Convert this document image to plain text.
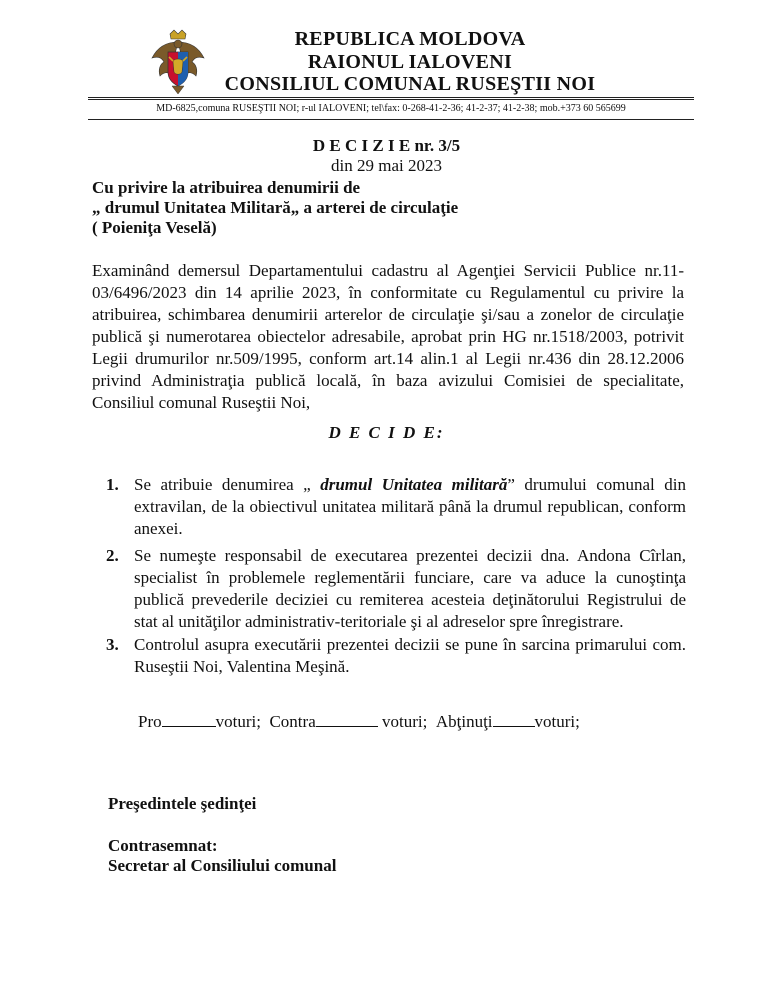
REPUBLICA MOLDOVA
RAIONUL IALOVENI
CONSILIUL COMUNAL RUSEŞTII NOI
MD-6825,comuna RUSEŞTII NOI; r-ul IALOVENI; tel\fax: 0-268-41-2-36; 41-2-37; 41-2-38; mob.+373 60 565699
D E C I Z I E nr. 3/5
din 29 mai 2023
Cu privire la atribuirea denumirii de
„ drumul Unitatea Militară„ a arterei de circulaţie
( Poieniţa Veselă)
Examinând demersul Departamentului cadastru al Agenţiei Servicii Publice nr.11-03/6496/2023 din 14 aprilie 2023, în conformitate cu Regulamentul cu privire la atribuirea, schimbarea denumirii arterelor de circulaţie şi/sau a zonelor de circulaţie publică şi numerotarea obiectelor adresabile, aprobat prin HG nr.1518/2003, potrivit Legii drumurilor nr.509/1995, conform art.14 alin.1 al Legii nr.436 din 28.12.2006 privind Administraţia publică locală, în baza avizului Comisiei de specialitate, Consiliul comunal Ruseştii Noi,
D E C I D E:
1. Se atribuie denumirea „ drumul Unitatea militară” drumului comunal din extravilan, de la obiectivul unitatea militară până la drumul republican, conform anexei.
2. Se numeşte responsabil de executarea prezentei decizii dna. Andona Cîrlan, specialist în problemele reglementării funciare, care va aduce la cunoştinţa publică prevederile deciziei cu remiterea acesteia deţinătorului Registrului de stat al unităţilor administrativ-teritoriale şi al adreselor spre înregistrare.
3. Controlul asupra executării prezentei decizii se pune în sarcina primarului com. Ruseştii Noi, Valentina Meşină.
Pro	voturi; Contra	voturi; Abţinuţi voturi;
Preşedintele şedinţei
Contrasemnat:
Secretar al Consiliului comunal
